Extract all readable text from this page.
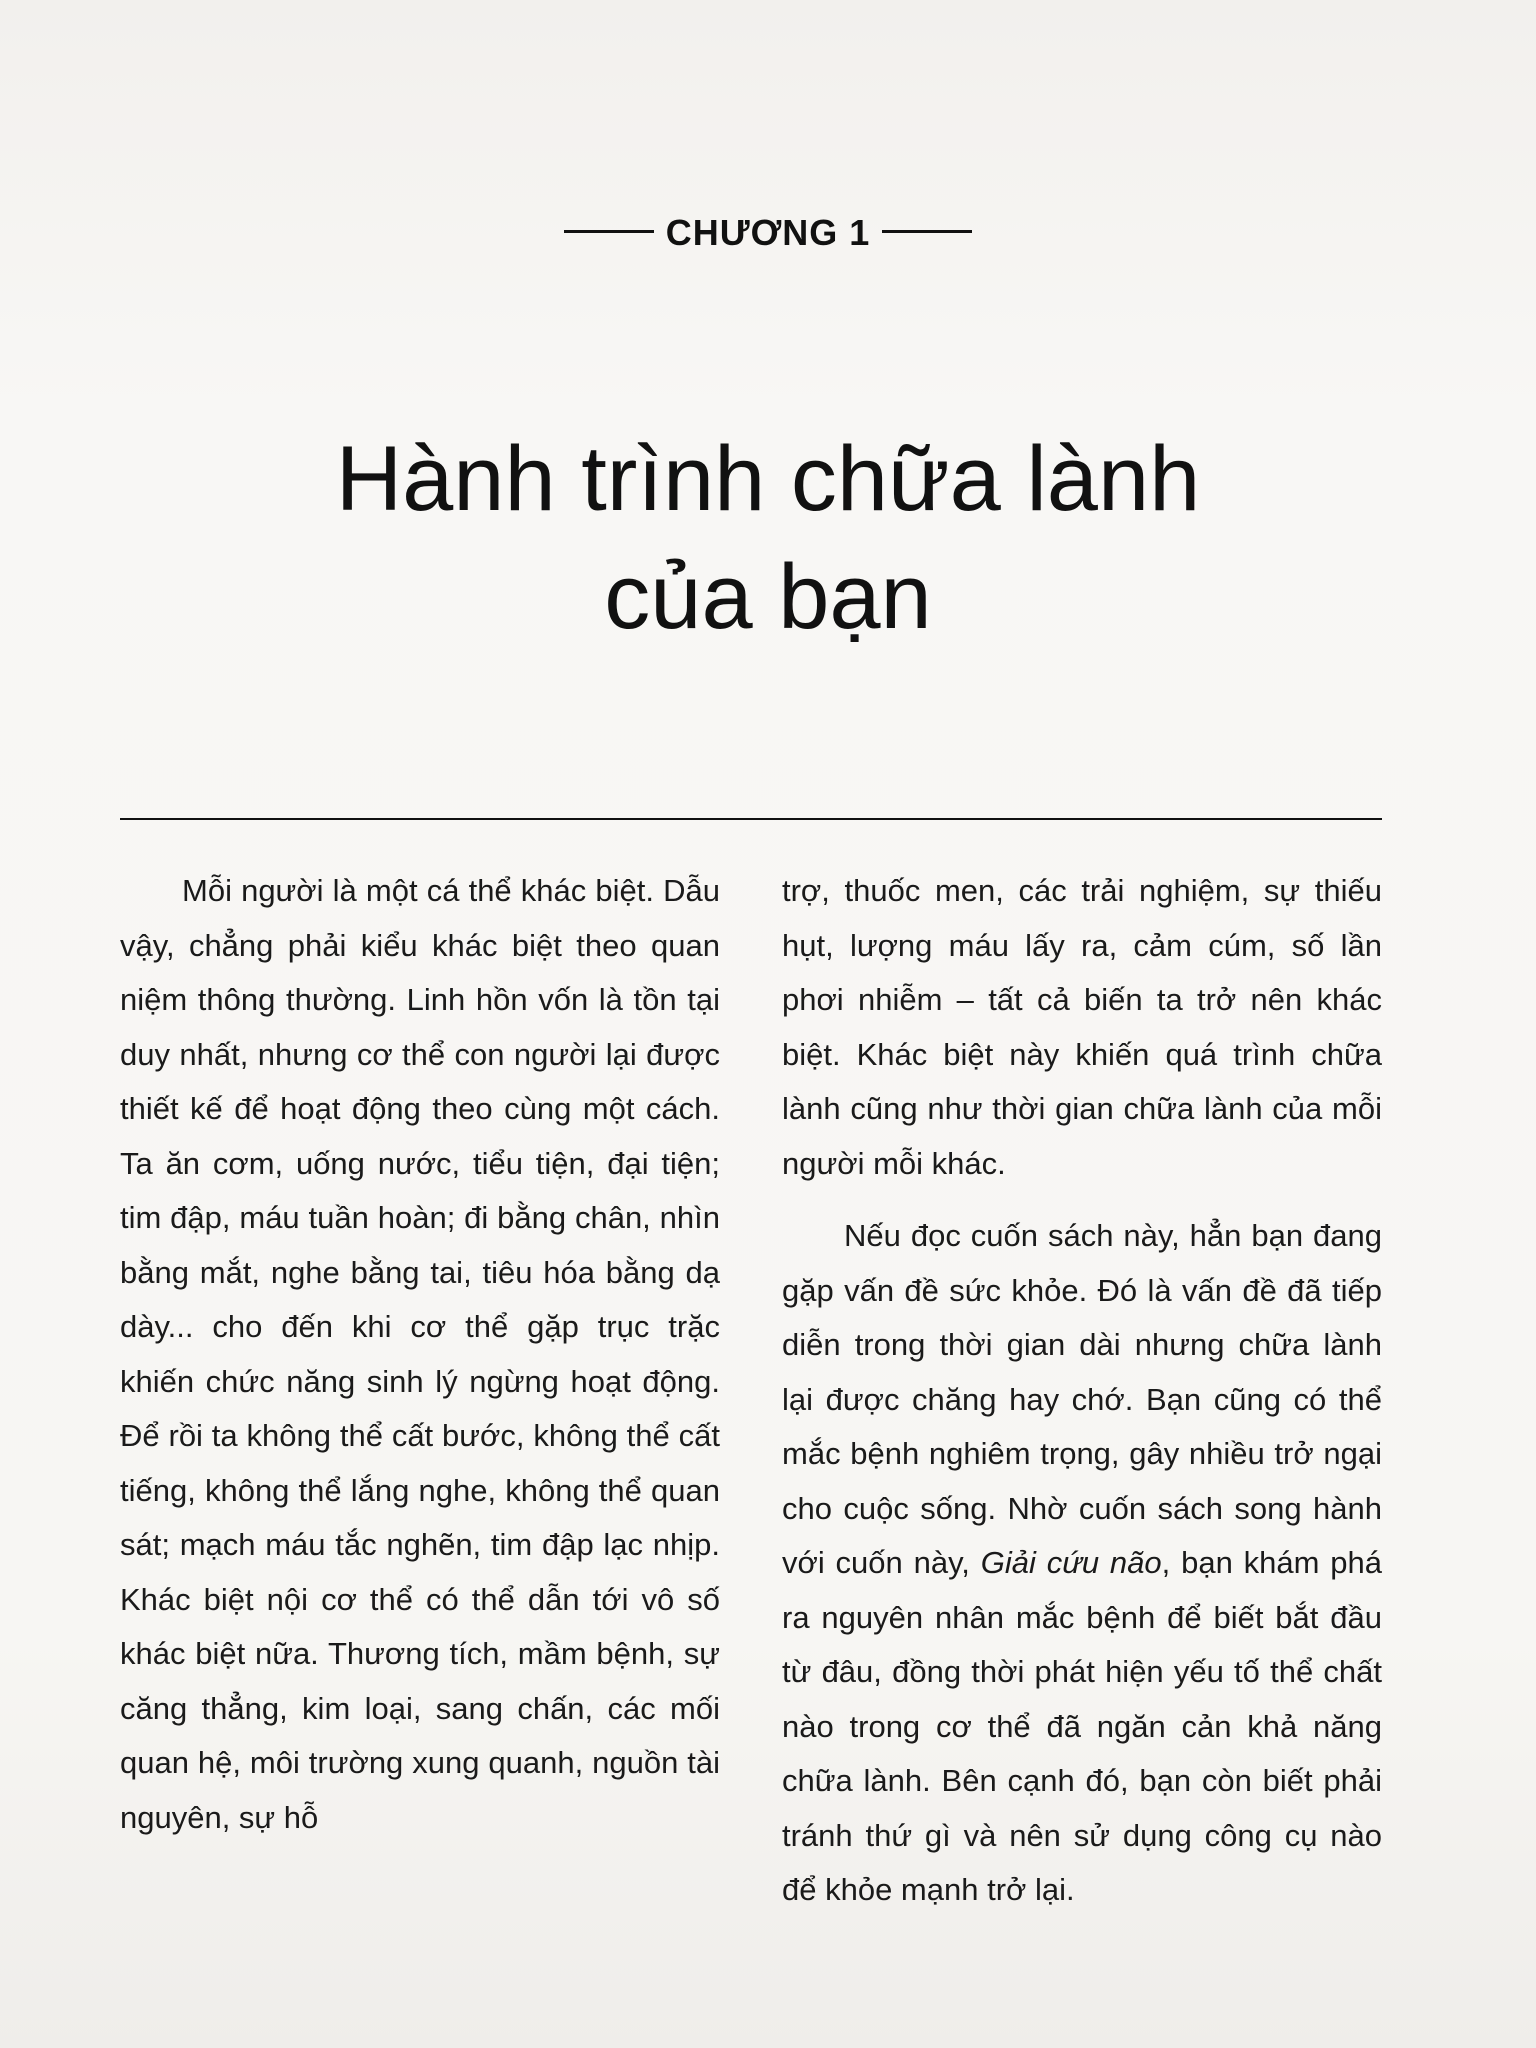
CHƯƠNG 1
Hành trình chữa lành
của bạn

Mỗi người là một cá thể khác biệt. Dẫu vậy, chẳng phải kiểu khác biệt theo quan niệm thông thường. Linh hồn vốn là tồn tại duy nhất, nhưng cơ thể con người lại được thiết kế để hoạt động theo cùng một cách. Ta ăn cơm, uống nước, tiểu tiện, đại tiện; tim đập, máu tuần hoàn; đi bằng chân, nhìn bằng mắt, nghe bằng tai, tiêu hóa bằng dạ dày... cho đến khi cơ thể gặp trục trặc khiến chức năng sinh lý ngừng hoạt động. Để rồi ta không thể cất bước, không thể cất tiếng, không thể lắng nghe, không thể quan sát; mạch máu tắc nghẽn, tim đập lạc nhịp. Khác biệt nội cơ thể có thể dẫn tới vô số khác biệt nữa. Thương tích, mầm bệnh, sự căng thẳng, kim loại, sang chấn, các mối quan hệ, môi trường xung quanh, nguồn tài nguyên, sự hỗ

trợ, thuốc men, các trải nghiệm, sự thiếu hụt, lượng máu lấy ra, cảm cúm, số lần phơi nhiễm – tất cả biến ta trở nên khác biệt. Khác biệt này khiến quá trình chữa lành cũng như thời gian chữa lành của mỗi người mỗi khác.

Nếu đọc cuốn sách này, hẳn bạn đang gặp vấn đề sức khỏe. Đó là vấn đề đã tiếp diễn trong thời gian dài nhưng chữa lành lại được chăng hay chớ. Bạn cũng có thể mắc bệnh nghiêm trọng, gây nhiều trở ngại cho cuộc sống. Nhờ cuốn sách song hành với cuốn này, Giải cứu não, bạn khám phá ra nguyên nhân mắc bệnh để biết bắt đầu từ đâu, đồng thời phát hiện yếu tố thể chất nào trong cơ thể đã ngăn cản khả năng chữa lành. Bên cạnh đó, bạn còn biết phải tránh thứ gì và nên sử dụng công cụ nào để khỏe mạnh trở lại.
